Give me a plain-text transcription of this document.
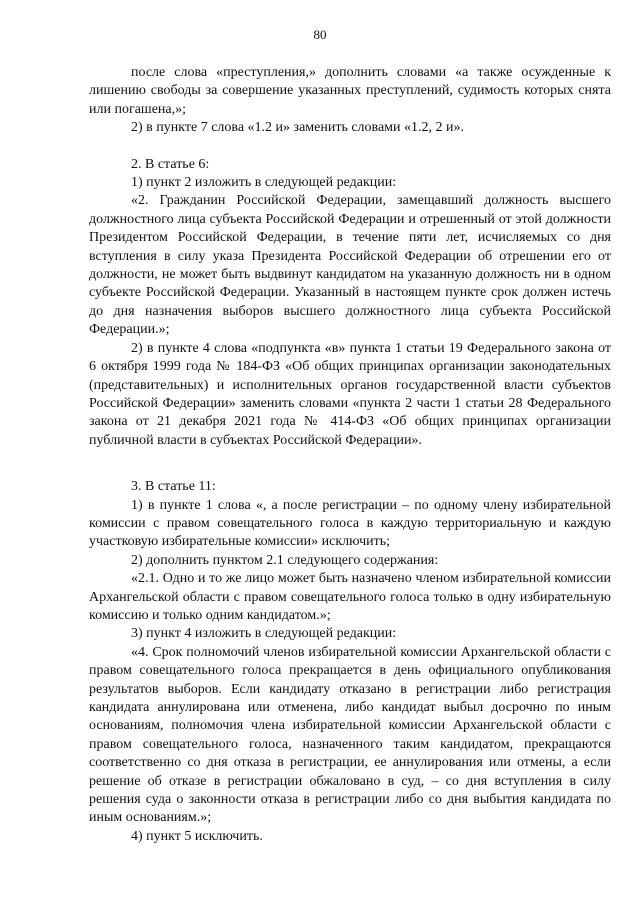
80

после слова «преступления,» дополнить словами «а также осужденные к лишению свободы за совершение указанных преступлений, судимость которых снята или погашена,»;

2) в пункте 7 слова «1.2 и» заменить словами «1.2, 2 и».

2. В статье 6:

1) пункт 2 изложить в следующей редакции:

«2. Гражданин Российской Федерации, замещавший должность высшего должностного лица субъекта Российской Федерации и отрешенный от этой должности Президентом Российской Федерации, в течение пяти лет, исчисляемых со дня вступления в силу указа Президента Российской Федерации об отрешении его от должности, не может быть выдвинут кандидатом на указанную должность ни в одном субъекте Российской Федерации. Указанный в настоящем пункте срок должен истечь до дня назначения выборов высшего должностного лица субъекта Российской Федерации.»;

2) в пункте 4 слова «подпункта «в» пункта 1 статьи 19 Федерального закона от 6 октября 1999 года № 184-ФЗ «Об общих принципах организации законодательных (представительных) и исполнительных органов государственной власти субъектов Российской Федерации» заменить словами «пункта 2 части 1 статьи 28 Федерального закона от 21 декабря 2021 года № 414-ФЗ «Об общих принципах организации публичной власти в субъектах Российской Федерации».

3. В статье 11:

1) в пункте 1 слова «, а после регистрации – по одному члену избирательной комиссии с правом совещательного голоса в каждую территориальную и каждую участковую избирательные комиссии» исключить;

2) дополнить пунктом 2.1 следующего содержания:

«2.1. Одно и то же лицо может быть назначено членом избирательной комиссии Архангельской области с правом совещательного голоса только в одну избирательную комиссию и только одним кандидатом.»;

3) пункт 4 изложить в следующей редакции:

«4. Срок полномочий членов избирательной комиссии Архангельской области с правом совещательного голоса прекращается в день официального опубликования результатов выборов. Если кандидату отказано в регистрации либо регистрация кандидата аннулирована или отменена, либо кандидат выбыл досрочно по иным основаниям, полномочия члена избирательной комиссии Архангельской области с правом совещательного голоса, назначенного таким кандидатом, прекращаются соответственно со дня отказа в регистрации, ее аннулирования или отмены, а если решение об отказе в регистрации обжаловано в суд, – со дня вступления в силу решения суда о законности отказа в регистрации либо со дня выбытия кандидата по иным основаниям.»;

4) пункт 5 исключить.
